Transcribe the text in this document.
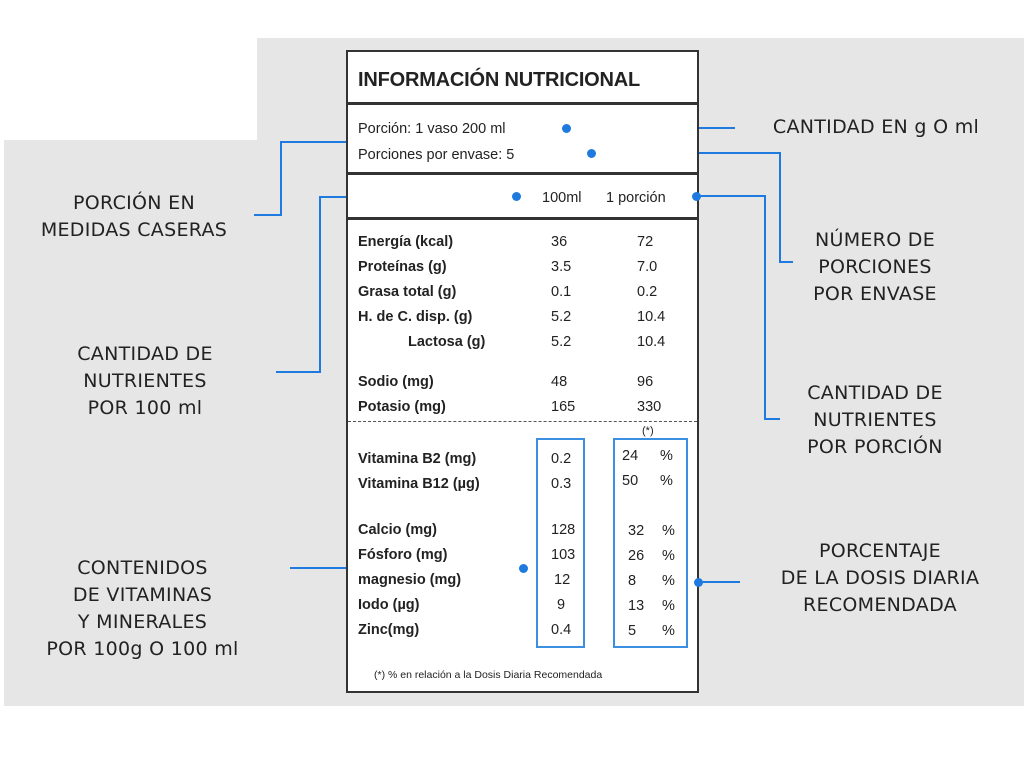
PORCIÓN EN
MEDIDAS CASERAS
CANTIDAD DE
NUTRIENTES
POR 100 ml
CONTENIDOS
DE VITAMINAS
Y MINERALES
POR 100g O 100 ml
CANTIDAD EN g O ml
NÚMERO DE
PORCIONES
POR ENVASE
CANTIDAD DE
NUTRIENTES
POR PORCIÓN
PORCENTAJE
DE LA DOSIS DIARIA
RECOMENDADA
INFORMACIÓN NUTRICIONAL
Porción: 1 vaso 200 ml
Porciones por envase: 5
100ml 1 porción
Energía (kcal)	36	72
Proteínas (g)	3.5	7.0
Grasa total (g)	0.1	0.2
H. de C. disp. (g)	5.2	10.4
Lactosa (g)	5.2	10.4
Sodio (mg)	48	96
Potasio (mg)	165	330
(*)
Vitamina B2 (mg)	0.2	24 %
Vitamina B12 (µg)	0.3	50 %
Calcio (mg)	128	32 %
Fósforo (mg)	103	26 %
magnesio (mg)	12	8 %
Iodo (µg)	9	13 %
Zinc(mg)	0.4	5 %
(*) % en relación a la Dosis Diaria Recomendada
